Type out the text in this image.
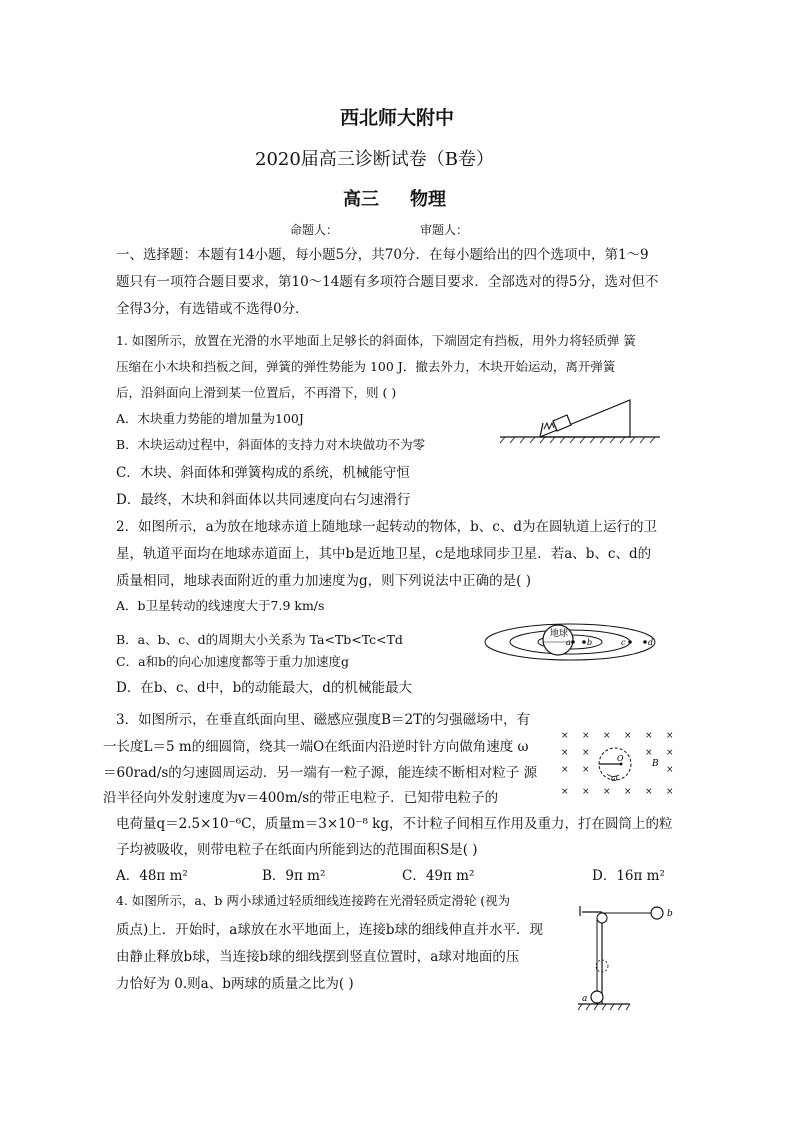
西北师大附中
2020届高三诊断试卷（B卷）
高三 物理
命题人：	审题人：
一、选择题：本题有14小题，每小题5分，共70分．在每小题给出的四个选项中，第1～9
题只有一项符合题目要求，第10～14题有多项符合题目要求．全部选对的得5分，选对但不
全得3分，有选错或不选得0分．
1. 如图所示，放置在光滑的水平地面上足够长的斜面体，下端固定有挡板，用外力将轻质弹 簧
压缩在小木块和挡板之间，弹簧的弹性势能为 100 J．撤去外力，木块开始运动，离开弹簧
后，沿斜面向上滑到某一位置后，不再滑下，则 ( )
A．木块重力势能的增加量为100J
B．木块运动过程中，斜面体的支持力对木块做功不为零
C．木块、斜面体和弹簧构成的系统，机械能守恒
D．最终，木块和斜面体以共同速度向右匀速滑行
2．如图所示，a为放在地球赤道上随地球一起转动的物体，b、c、d为在圆轨道上运行的卫
星，轨道平面均在地球赤道面上，其中b是近地卫星，c是地球同步卫星．若a、b、c、d的
质量相同，地球表面附近的重力加速度为g，则下列说法中正确的是( )
A．b卫星转动的线速度大于7.9 km/s
B．a、b、c、d的周期大小关系为 Ta<Tb<Tc<Td
C．a和b的向心加速度都等于重力加速度g
D．在b、c、d中，b的动能最大，d的机械能最大
地球
a b	c	d
3．如图所示，在垂直纸面向里、磁感应强度B＝2T的匀强磁场中，有
一长度L＝5 m的细圆筒，绕其一端O在纸面内沿逆时针方向做角速度 ω
＝60rad/s的匀速圆周运动．另一端有一粒子源，能连续不断相对粒子 源
沿半径向外发射速度为v＝400m/s的带正电粒子．已知带电粒子的
电荷量q＝2.5×10⁻⁶C，质量m＝3×10⁻⁸ kg，不计粒子间相互作用及重力，打在圆筒上的粒
子均被吸收，则带电粒子在纸面内所能到达的范围面积S是( )
A．48π m²	B．9π m²	C．49π m²	D．16π m²
× × × × × ×
× ×	× ×
× ×	×
× × × × × ×
O
ω
B
4. 如图所示，a、b 两小球通过轻质细线连接跨在光滑轻质定滑轮 (视为
质点)上．开始时，a球放在水平地面上，连接b球的细线伸直并水平．现
由静止释放b球，当连接b球的细线摆到竖直位置时，a球对地面的压
力恰好为 0.则a、b两球的质量之比为( )
b
a
